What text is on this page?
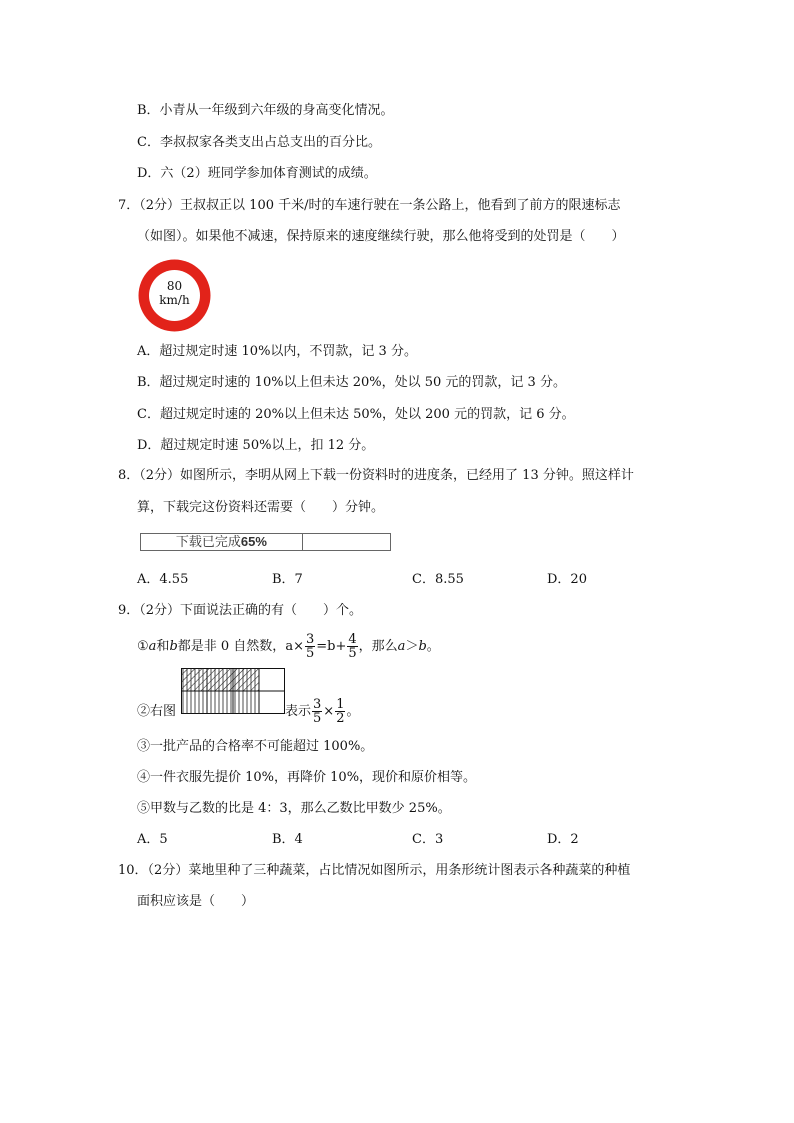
B．小青从一年级到六年级的身高变化情况。
C．李叔叔家各类支出占总支出的百分比。
D．六（2）班同学参加体育测试的成绩。
7．（2分）王叔叔正以 100 千米/时的车速行驶在一条公路上，他看到了前方的限速标志
（如图）。如果他不减速，保持原来的速度继续行驶，那么他将受到的处罚是（　　）
80
km/h
A．超过规定时速 10%以内，不罚款，记 3 分。
B．超过规定时速的 10%以上但未达 20%，处以 50 元的罚款，记 3 分。
C．超过规定时速的 20%以上但未达 50%，处以 200 元的罚款，记 6 分。
D．超过规定时速 50%以上，扣 12 分。
8．（2分）如图所示，李明从网上下载一份资料时的进度条，已经用了 13 分钟。照这样计
算，下载完这份资料还需要（　　）分钟。
下载已完成65%
A．4.55	B．7	C．8.55	D．20
9．（2分）下面说法正确的有（　　）个。
①a和b都是非 0 自然数，$a\times \frac{3}{5} =b+ \frac{4}{5}$ ，那么a＞b。
②右图	表示 $\frac{3}{5} \times \frac{1}{2}$ 。
③一批产品的合格率不可能超过 100%。
④一件衣服先提价 10%，再降价 10%，现价和原价相等。
⑤甲数与乙数的比是 4：3，那么乙数比甲数少 25%。
A．5	B．4	C．3	D．2
10．（2分）菜地里种了三种蔬菜，占比情况如图所示，用条形统计图表示各种蔬菜的种植
面积应该是（　　）
